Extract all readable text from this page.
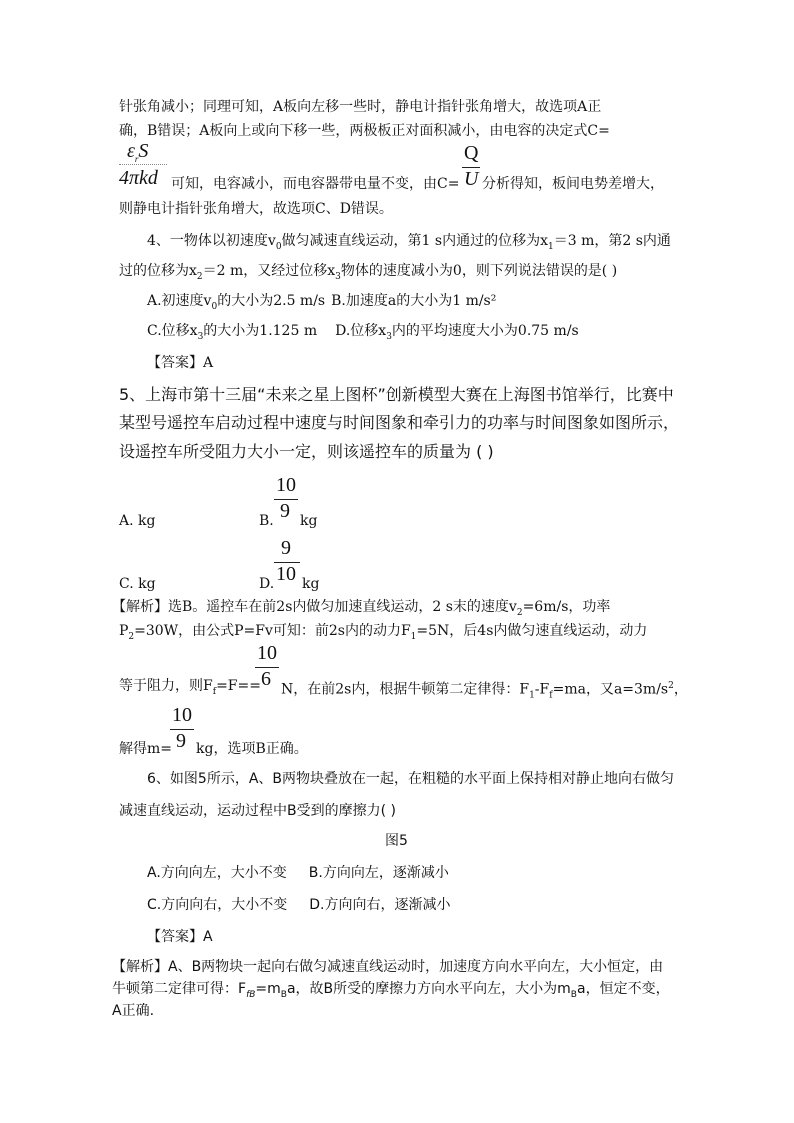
针张角减小；同理可知，A板向左移一些时，静电计指针张角增大，故选项A正
确，B错误；A板向上或向下移一些，两极板正对面积减小，由电容的决定式C=
$\varepsilon_rS$
4πkd 可知，电容减小，而电容器带电量不变，由C=
Q
U 分析得知，板间电势差增大，
则静电计指针张角增大，故选项C、D错误。
4、一物体以初速度$v_0$做匀减速直线运动，第1 s内通过的位移为$x_1=3$ m，第2 s内通
过的位移为$x_2=2$ m，又经过位移$x_3$物体的速度减小为0，则下列说法错误的是( )
A.初速度$v_0$的大小为2.5 m/s B.加速度a的大小为1 m/s²
C.位移$x_3$的大小为1.125 m D.位移$x_3$内的平均速度大小为0.75 m/s
【答案】A
5、上海市第十三届“未来之星上图杯”创新模型大赛在上海图书馆举行，比赛中
某型号遥控车启动过程中速度与时间图象和牵引力的功率与时间图象如图所示，
设遥控车所受阻力大小一定，则该遥控车的质量为 ( )
A. kg	B.
10
9 kg
C. kg	D.
9
10 kg
【解析】选B。遥控车在前2s内做匀加速直线运动，2 s末的速度$v_2=6m/s$，功率
$P_2=30W$，由公式P=Fv可知：前2s内的动力$F_1=5N$，后4s内做匀速直线运动，动力
等于阻力，则$F_f=F==$
10
6 N，在前2s内，根据牛顿第二定律得：$F_1-F_f=ma$，又$a=3m/s^2$，
解得m=
10
9 kg，选项B正确。
6、如图5所示，A、B两物块叠放在一起，在粗糙的水平面上保持相对静止地向右做匀
减速直线运动，运动过程中B受到的摩擦力( )
图5
A.方向向左，大小不变 B.方向向左，逐渐减小
C.方向向右，大小不变 D.方向向右，逐渐减小
【答案】A
【解析】A、B两物块一起向右做匀减速直线运动时，加速度方向水平向左，大小恒定，由
牛顿第二定律可得：$F_{fB}=m_Ba$，故B所受的摩擦力方向水平向左，大小为$m_Ba$，恒定不变，
A正确.
